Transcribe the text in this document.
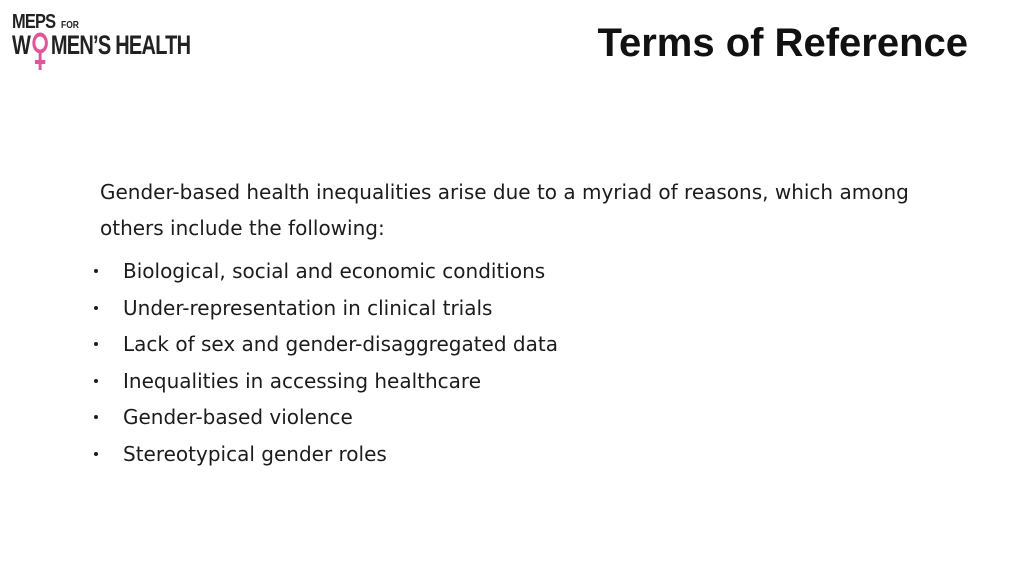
MEPS FOR
W MEN’S HEALTH	Terms of Reference

Gender-based health inequalities arise due to a myriad of reasons, which among others include the following:

Biological, social and economic conditions
Under-representation in clinical trials
Lack of sex and gender-disaggregated data
Inequalities in accessing healthcare
Gender-based violence
Stereotypical gender roles
